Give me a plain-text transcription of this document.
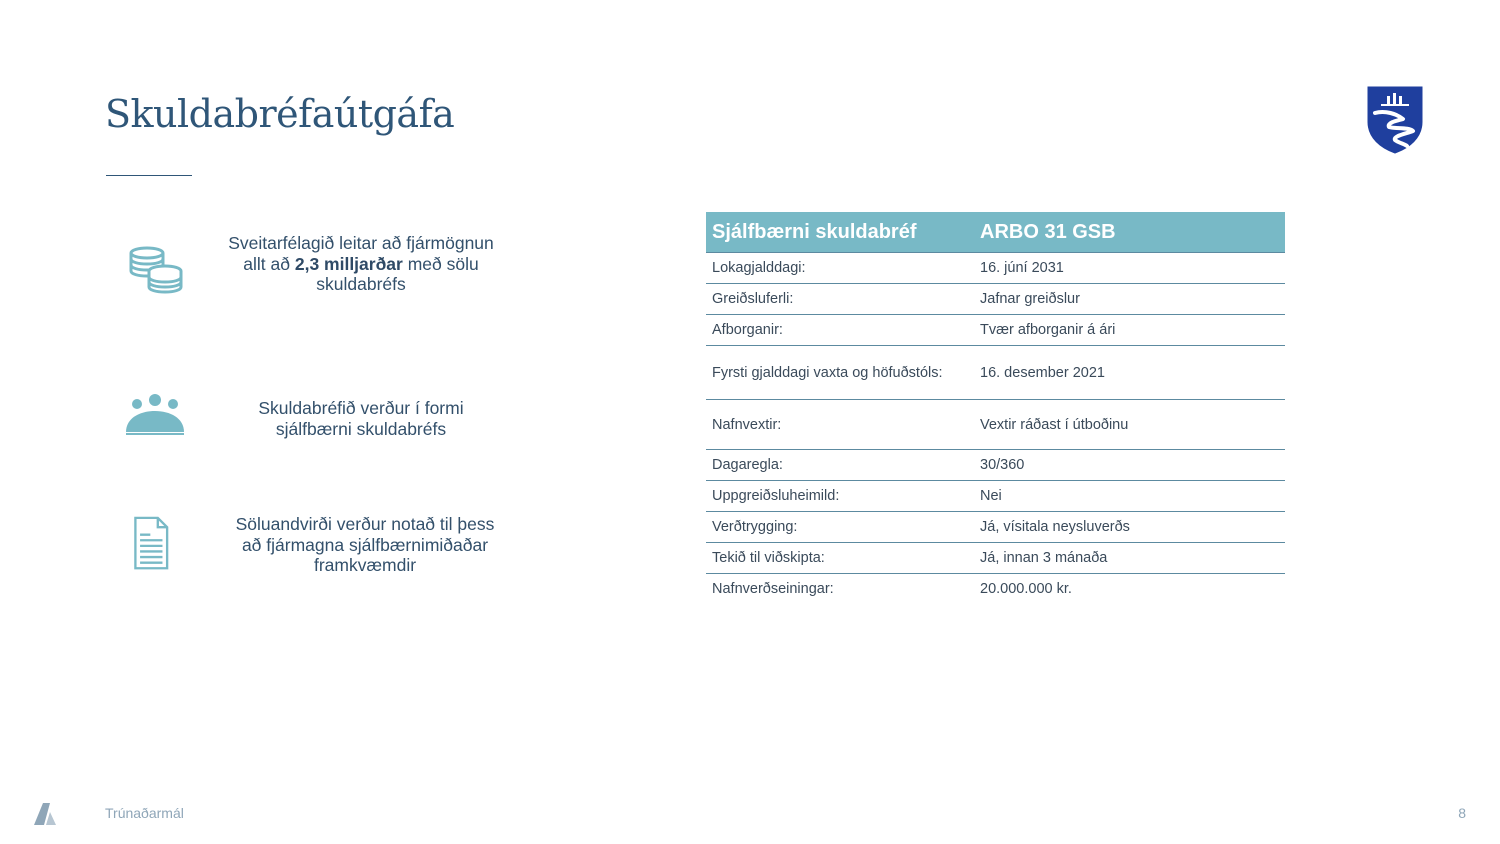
Skuldabréfaútgáfa
Sveitarfélagið leitar að fjármögnun allt að 2,3 milljarðar með sölu skuldabréfs
Skuldabréfið verður í formi sjálfbærni skuldabréfs
Söluandvirði verður notað til þess að fjármagna sjálfbærnimiðaðar framkvæmdir
Sjálfbærni skuldabréf	ARBO 31 GSB
Lokagjalddagi:	16. júní 2031
Greiðsluferli:	Jafnar greiðslur
Afborganir:	Tvær afborganir á ári
Fyrsti gjalddagi vaxta og höfuðstóls:	16. desember 2021
Nafnvextir:	Vextir ráðast í útboðinu
Dagaregla:	30/360
Uppgreiðsluheimild:	Nei
Verðtrygging:	Já, vísitala neysluverðs
Tekið til viðskipta:	Já, innan 3 mánaða
Nafnverðseiningar:	20.000.000 kr.
Trúnaðarmál	8
